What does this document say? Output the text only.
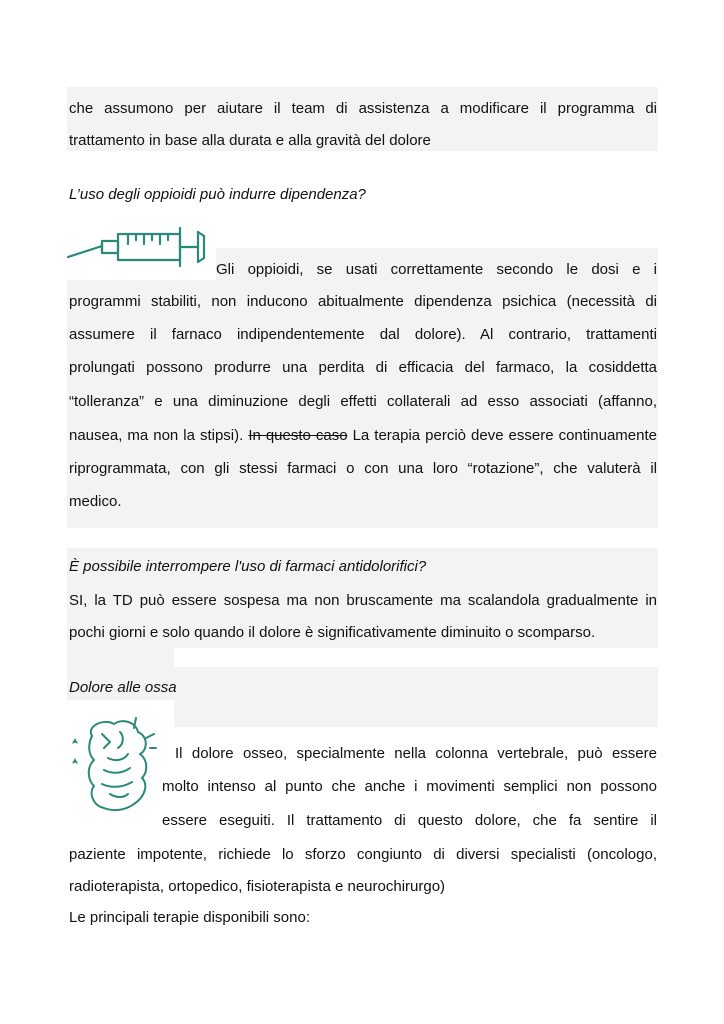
che assumono per aiutare il team di assistenza a modificare il programma di
trattamento in base alla durata e alla gravità del dolore
L’uso degli oppioidi può indurre dipendenza?
Gli oppioidi, se usati correttamente secondo le dosi e i
programmi stabiliti, non inducono abitualmente dipendenza psichica (necessità di
assumere il farnaco indipendentemente dal dolore). Al contrario, trattamenti
prolungati possono produrre una perdita di efficacia del farmaco, la cosiddetta
“tolleranza” e una diminuzione degli effetti collaterali ad esso associati (affanno,
nausea, ma non la stipsi). In questo caso La terapia perciò deve essere continuamente
riprogrammata, con gli stessi farmaci o con una loro “rotazione”, che valuterà il
medico.
È possibile interrompere l'uso di farmaci antidolorifici?
SI, la TD può essere sospesa ma non bruscamente ma scalandola gradualmente in
pochi giorni e solo quando il dolore è significativamente diminuito o scomparso.
Dolore alle ossa
Il dolore osseo, specialmente nella colonna vertebrale, può essere
molto intenso al punto che anche i movimenti semplici non possono
essere eseguiti. Il trattamento di questo dolore, che fa sentire il
paziente impotente, richiede lo sforzo congiunto di diversi specialisti (oncologo,
radioterapista, ortopedico, fisioterapista e neurochirurgo)
Le principali terapie disponibili sono:
